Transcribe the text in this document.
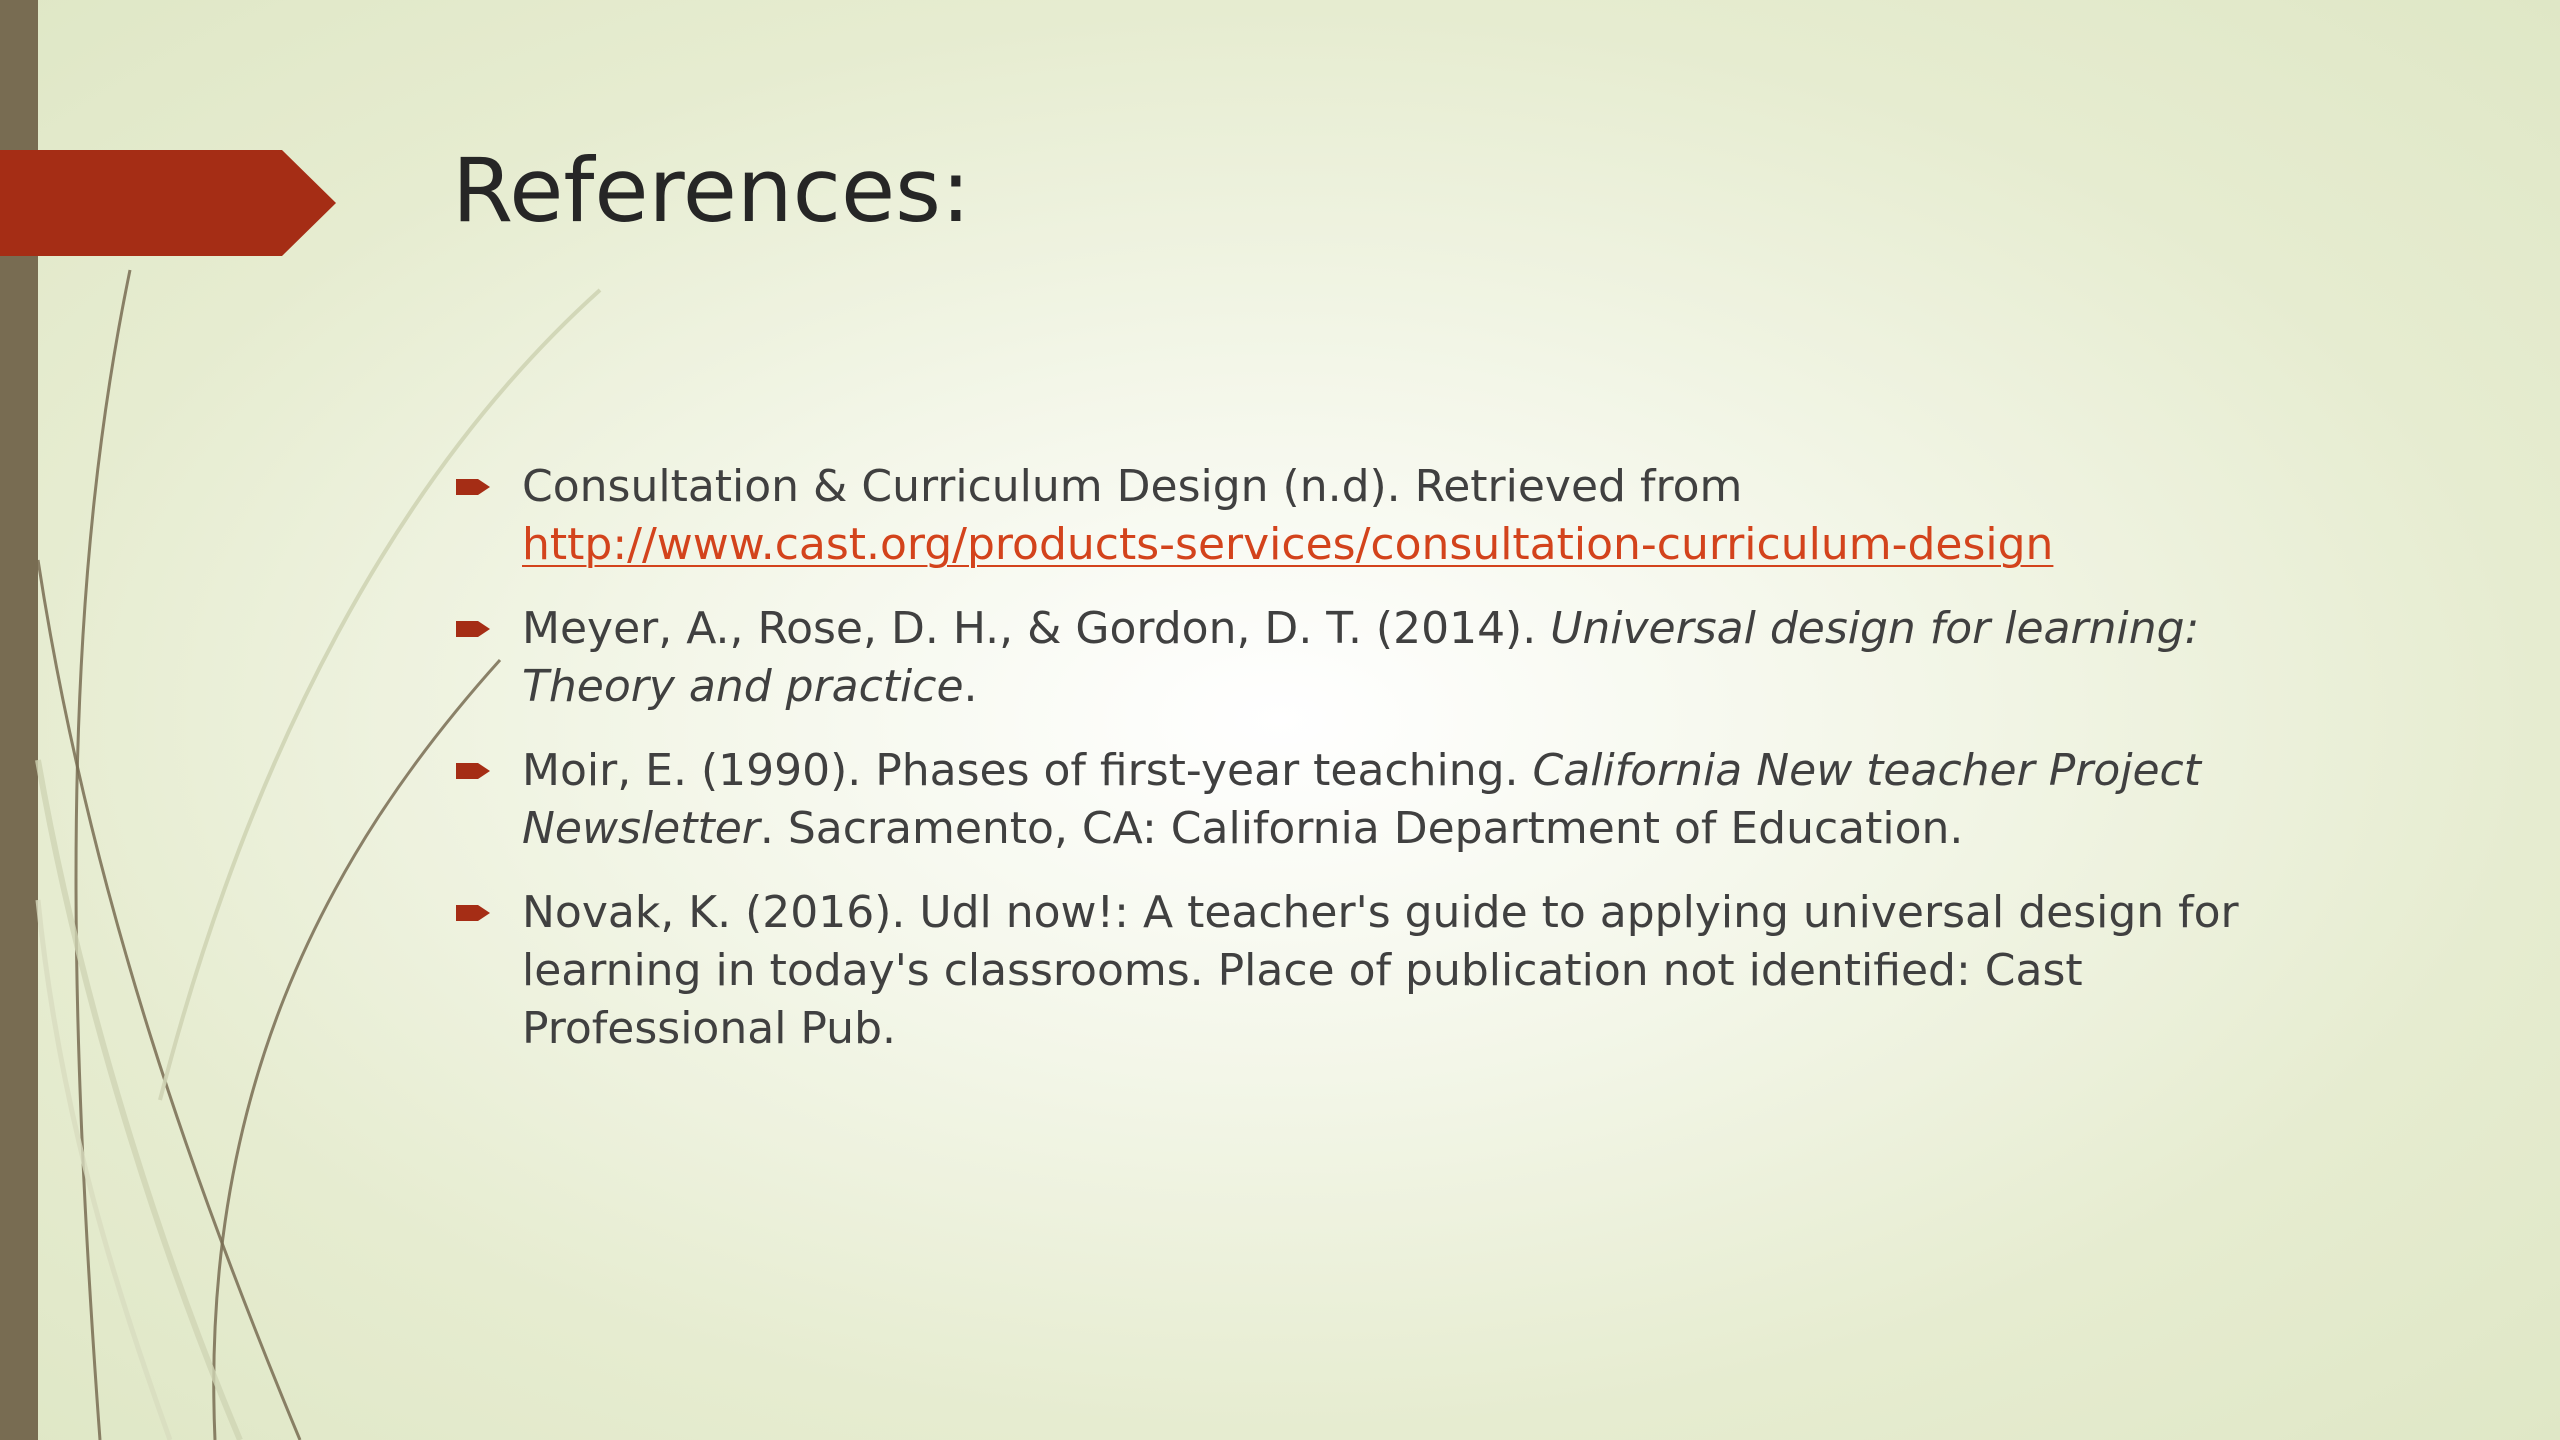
References:
Consultation & Curriculum Design (n.d). Retrieved from
http://www.cast.org/products-services/consultation-curriculum-design
Meyer, A., Rose, D. H., & Gordon, D. T. (2014). Universal design for learning: Theory and practice.
Moir, E. (1990). Phases of first-year teaching. California New teacher Project Newsletter. Sacramento, CA: California Department of Education.
Novak, K. (2016). Udl now!: A teacher's guide to applying universal design for learning in today's classrooms. Place of publication not identified: Cast Professional Pub.
